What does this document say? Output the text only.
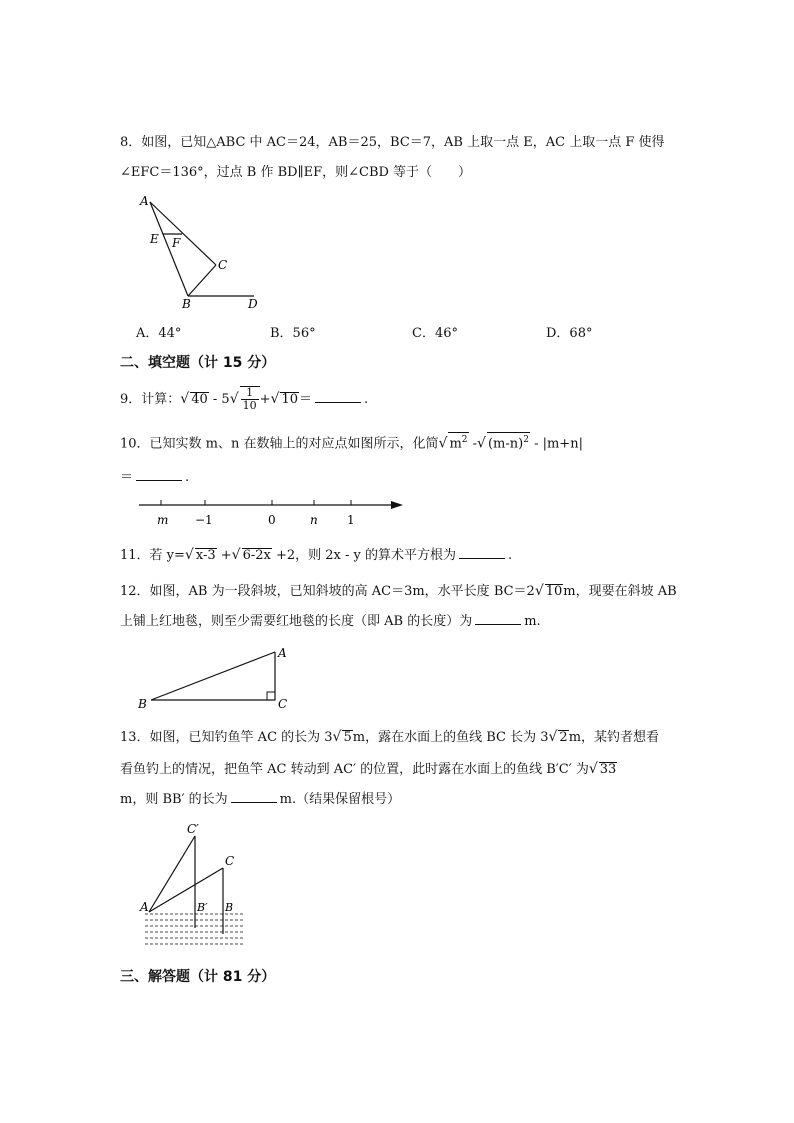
8．如图，已知△ABC 中 AC＝24，AB＝25，BC＝7，AB 上取一点 E，AC 上取一点 F 使得
∠EFC＝136°，过点 B 作 BD∥EF，则∠CBD 等于（　　）
A
E F
C
B	D
A．44°	B．56°	C．46°	D．68°
二、填空题（计 15 分）
9．计算：√ $40 - 5√ \frac{1}{10}$ +√ 10＝	.
10．已知实数 m、n 在数轴上的对应点如图所示，化简√ $m^2$ -√ $(m-n)^2 - |m+n|$
＝	.
m −1	0	n 1
11．若 y=√ x-3 +√ 6-2x +2，则 2x - y 的算术平方根为	.
12．如图，AB 为一段斜坡，已知斜坡的高 AC＝3m，水平长度 BC＝2√ 10m，现要在斜坡 AB
上铺上红地毯，则至少需要红地毯的长度（即 AB 的长度）为	m.
A
B	C
13．如图，已知钓鱼竿 AC 的长为 3√ 5m，露在水面上的鱼线 BC 长为 3√ 2m，某钓者想看
看鱼钓上的情况，把鱼竿 AC 转动到 AC′ 的位置，此时露在水面上的鱼线 B′C′ 为√ 33
m，则 BB′ 的长为	m.（结果保留根号）
C′
C
A	B′ B
三、解答题（计 81 分）
